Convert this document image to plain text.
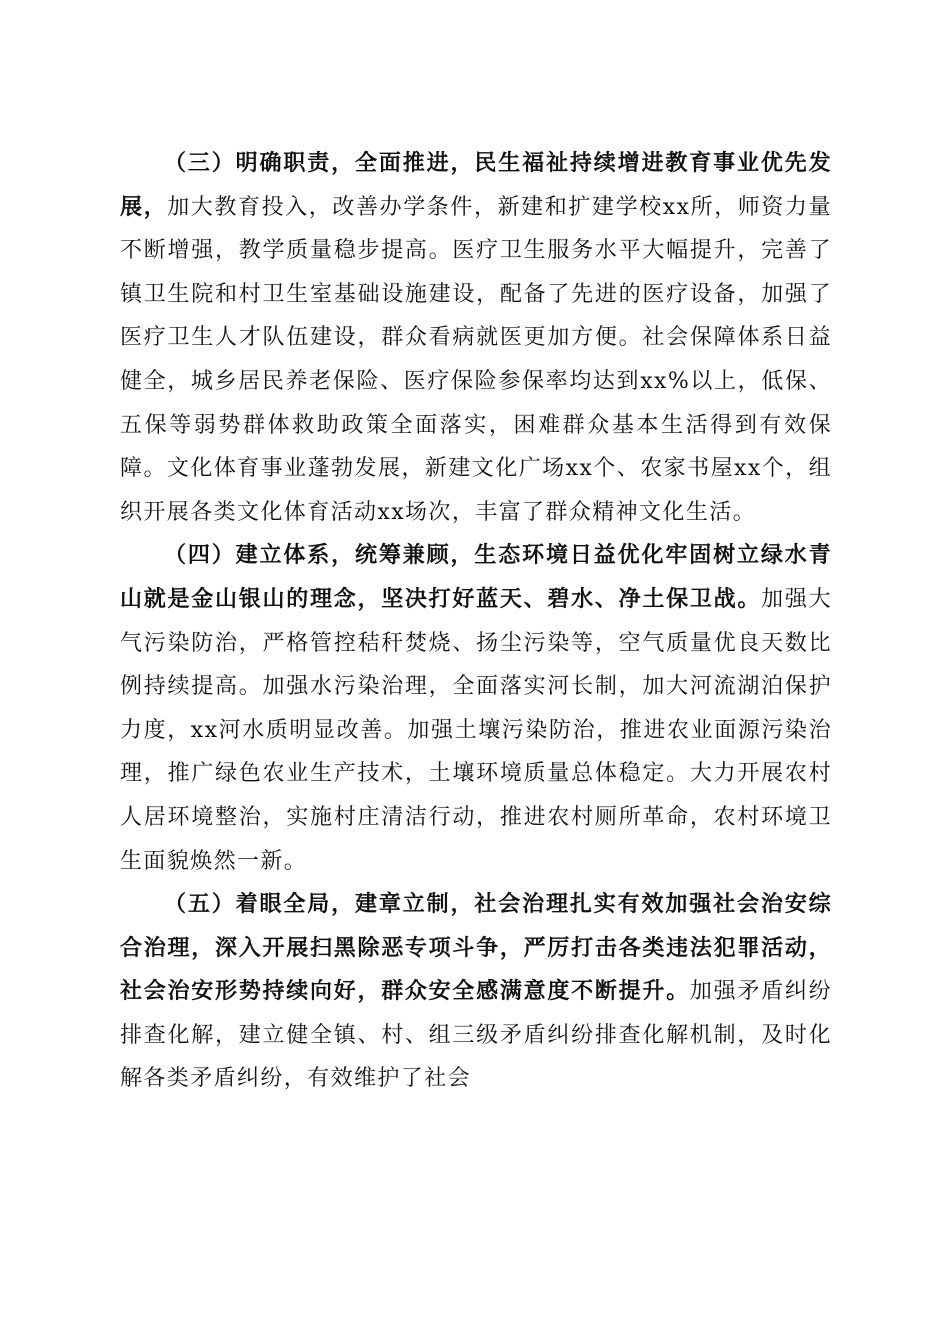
（三）明确职责，全面推进，民生福祉持续增进教育事业优先发展，加大教育投入，改善办学条件，新建和扩建学校xx所，师资力量不断增强，教学质量稳步提高。医疗卫生服务水平大幅提升，完善了镇卫生院和村卫生室基础设施建设，配备了先进的医疗设备，加强了医疗卫生人才队伍建设，群众看病就医更加方便。社会保障体系日益健全，城乡居民养老保险、医疗保险参保率均达到xx%以上，低保、五保等弱势群体救助政策全面落实，困难群众基本生活得到有效保障。文化体育事业蓬勃发展，新建文化广场xx个、农家书屋xx个，组织开展各类文化体育活动xx场次，丰富了群众精神文化生活。

（四）建立体系，统筹兼顾，生态环境日益优化牢固树立绿水青山就是金山银山的理念，坚决打好蓝天、碧水、净土保卫战。加强大气污染防治，严格管控秸秆焚烧、扬尘污染等，空气质量优良天数比例持续提高。加强水污染治理，全面落实河长制，加大河流湖泊保护力度，xx河水质明显改善。加强土壤污染防治，推进农业面源污染治理，推广绿色农业生产技术，土壤环境质量总体稳定。大力开展农村人居环境整治，实施村庄清洁行动，推进农村厕所革命，农村环境卫生面貌焕然一新。

（五）着眼全局，建章立制，社会治理扎实有效加强社会治安综合治理，深入开展扫黑除恶专项斗争，严厉打击各类违法犯罪活动，社会治安形势持续向好，群众安全感满意度不断提升。加强矛盾纠纷排查化解，建立健全镇、村、组三级矛盾纠纷排查化解机制，及时化解各类矛盾纠纷，有效维护了社会
